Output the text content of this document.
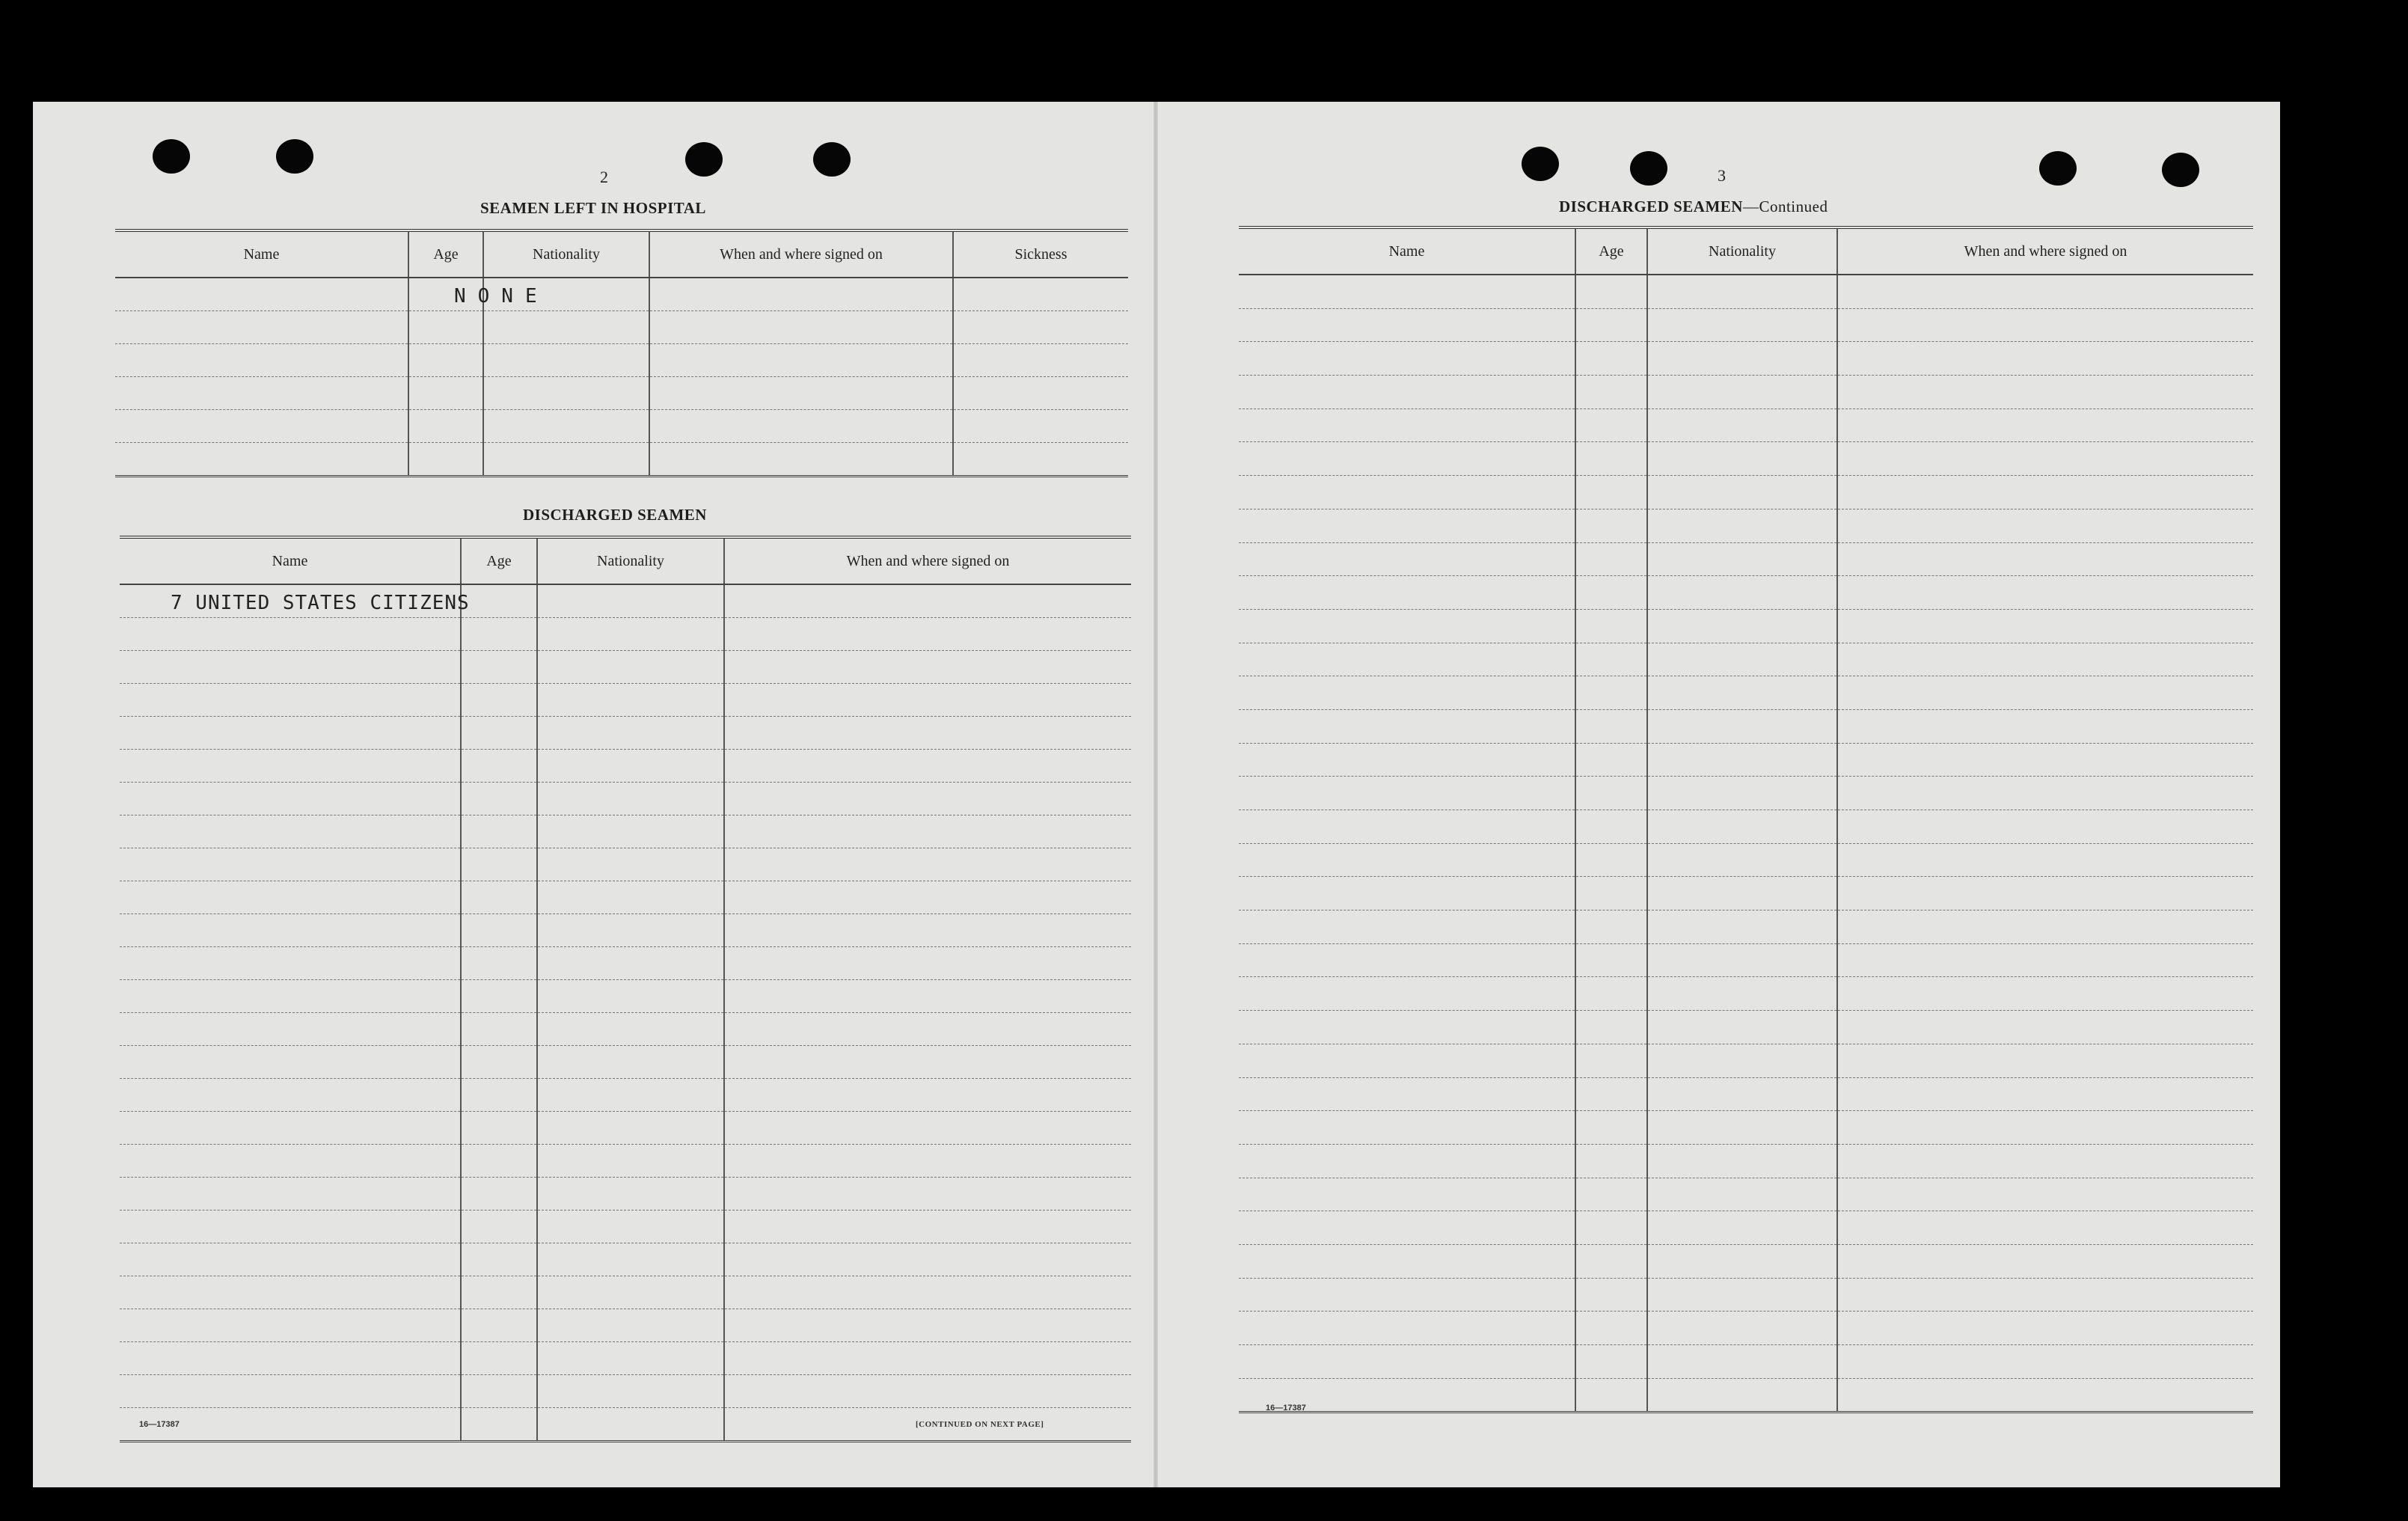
2
SEAMEN LEFT IN HOSPITAL
Name	Age	Nationality	When and where signed on	Sickness
	NONE			

DISCHARGED SEAMEN
Name	Age	Nationality	When and where signed on
7 UNITED STATES CITIZENS			

16—17387	[CONTINUED ON NEXT PAGE]
3
DISCHARGED SEAMEN—Continued
Name	Age	Nationality	When and where signed on

16—17387
